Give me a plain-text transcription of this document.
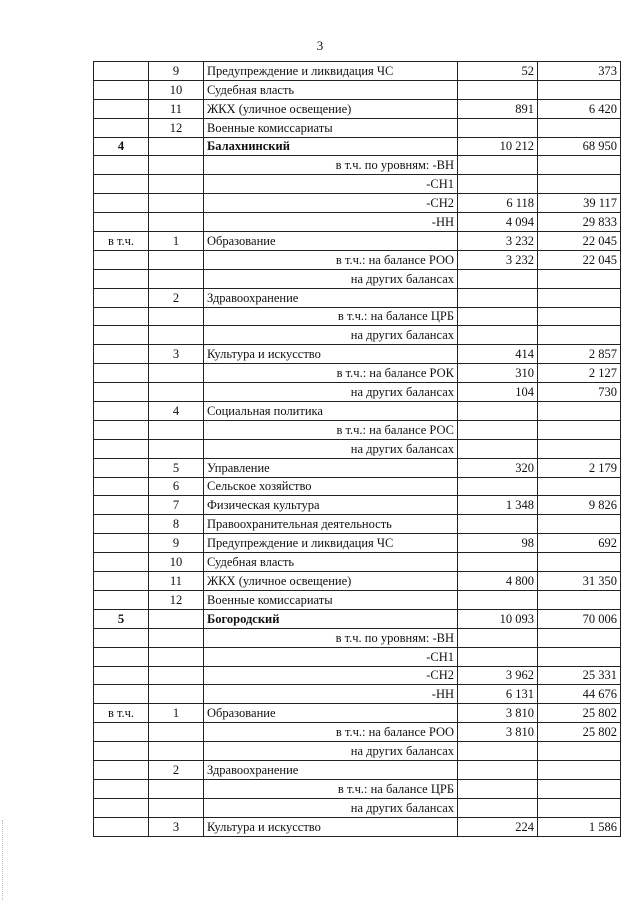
3
	9	Предупреждение и ликвидация ЧС	52	373
	10	Судебная власть		
	11	ЖКХ (уличное освещение)	891	6 420
	12	Военные комиссариаты		
4		Балахнинский	10 212	68 950
		в т.ч. по уровням: -ВН		
		-СН1		
		-СН2	6 118	39 117
		-НН	4 094	29 833
в т.ч.	1	Образование	3 232	22 045
		в т.ч.: на балансе РОО	3 232	22 045
		на других балансах		
	2	Здравоохранение		
		в т.ч.: на балансе ЦРБ		
		на других балансах		
	3	Культура и искусство	414	2 857
		в т.ч.: на балансе РОК	310	2 127
		на других балансах	104	730
	4	Социальная политика		
		в т.ч.: на балансе РОС		
		на других балансах		
	5	Управление	320	2 179
	6	Сельское хозяйство		
	7	Физическая культура	1 348	9 826
	8	Правоохранительная деятельность		
	9	Предупреждение и ликвидация ЧС	98	692
	10	Судебная власть		
	11	ЖКХ (уличное освещение)	4 800	31 350
	12	Военные комиссариаты		
5		Богородский	10 093	70 006
		в т.ч. по уровням: -ВН		
		-СН1		
		-СН2	3 962	25 331
		-НН	6 131	44 676
в т.ч.	1	Образование	3 810	25 802
		в т.ч.: на балансе РОО	3 810	25 802
		на других балансах		
	2	Здравоохранение		
		в т.ч.: на балансе ЦРБ		
		на других балансах		
	3	Культура и искусство	224	1 586
